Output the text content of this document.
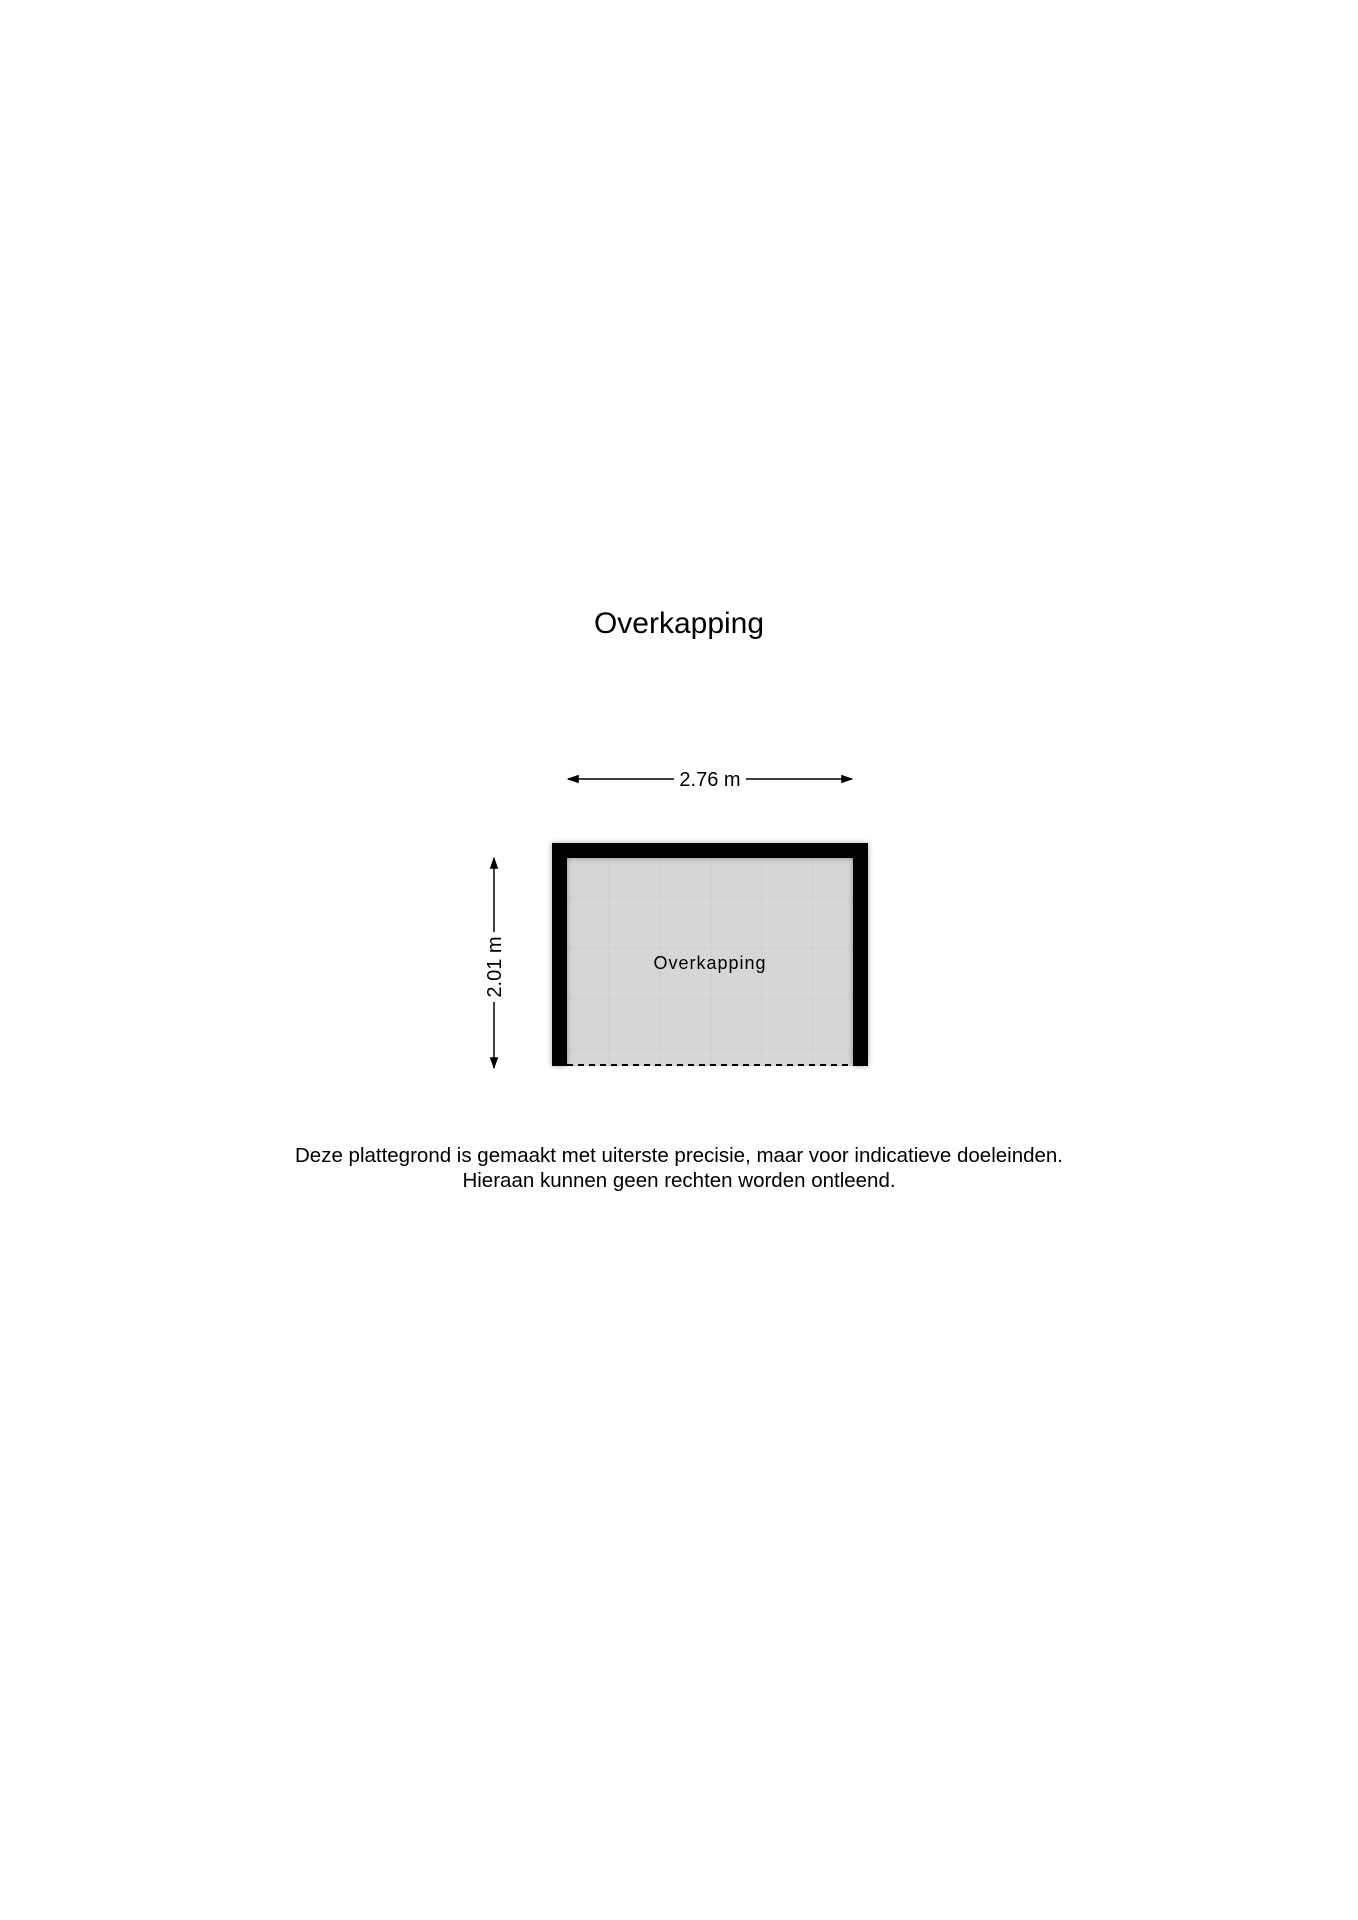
Overkapping
2.76 m
2.01 m	Overkapping
Deze plattegrond is gemaakt met uiterste precisie, maar voor indicatieve doeleinden.
Hieraan kunnen geen rechten worden ontleend.
